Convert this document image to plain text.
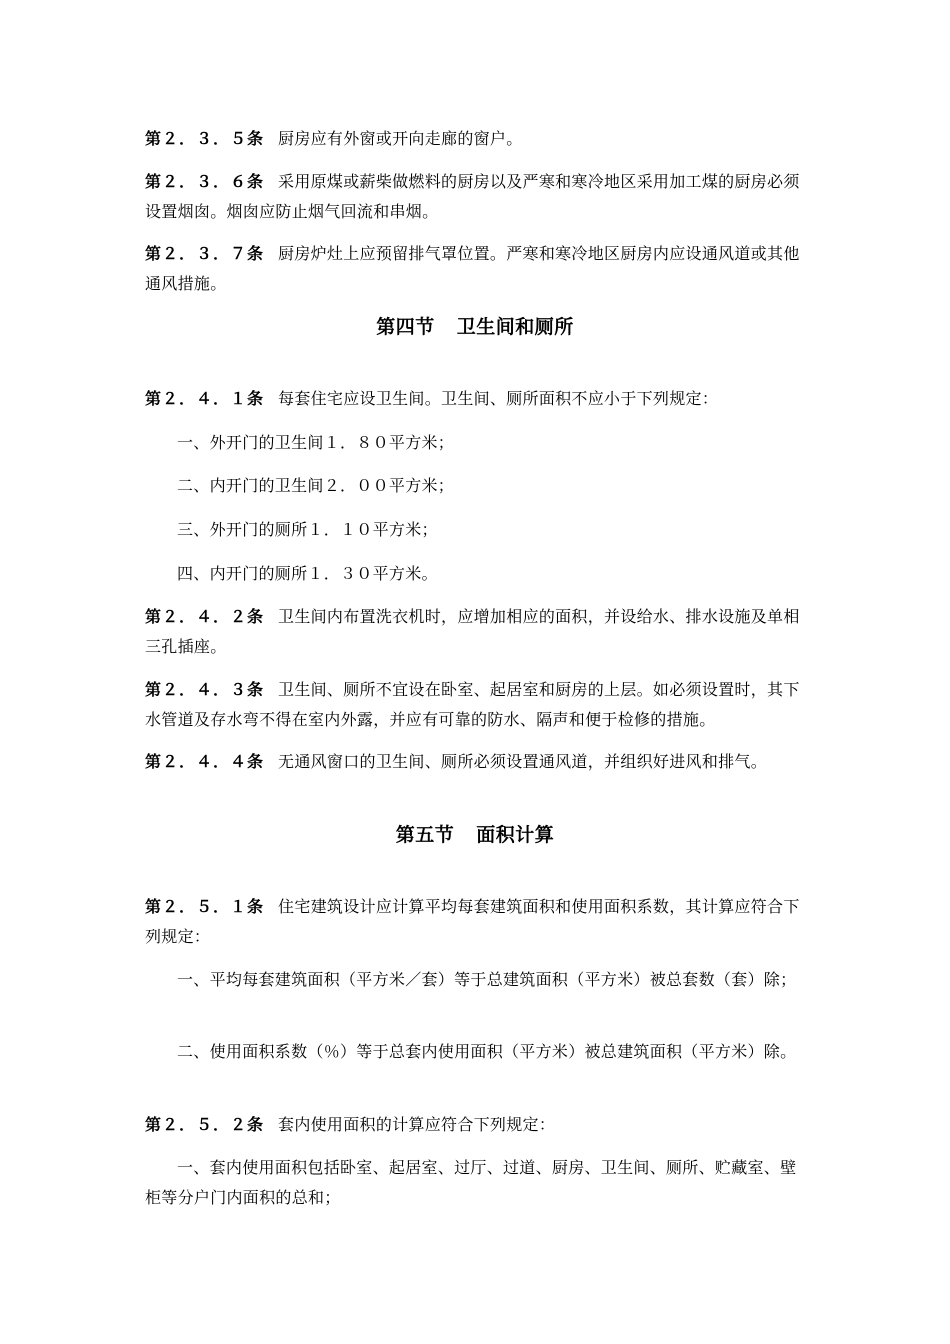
第２．３．５条 厨房应有外窗或开向走廊的窗户。

第２．３．６条 采用原煤或薪柴做燃料的厨房以及严寒和寒冷地区采用加工煤的厨房必须设置烟囱。烟囱应防止烟气回流和串烟。

第２．３．７条 厨房炉灶上应预留排气罩位置。严寒和寒冷地区厨房内应设通风道或其他通风措施。

第四节 卫生间和厕所

第２．４．１条 每套住宅应设卫生间。卫生间、厕所面积不应小于下列规定：

一、外开门的卫生间１．８０平方米；

二、内开门的卫生间２．００平方米；

三、外开门的厕所１．１０平方米；

四、内开门的厕所１．３０平方米。

第２．４．２条 卫生间内布置洗衣机时，应增加相应的面积，并设给水、排水设施及单相三孔插座。

第２．４．３条 卫生间、厕所不宜设在卧室、起居室和厨房的上层。如必须设置时，其下水管道及存水弯不得在室内外露，并应有可靠的防水、隔声和便于检修的措施。

第２．４．４条 无通风窗口的卫生间、厕所必须设置通风道，并组织好进风和排气。

第五节 面积计算

第２．５．１条 住宅建筑设计应计算平均每套建筑面积和使用面积系数，其计算应符合下列规定：

一、平均每套建筑面积（平方米／套）等于总建筑面积（平方米）被总套数（套）除；

二、使用面积系数（％）等于总套内使用面积（平方米）被总建筑面积（平方米）除。

第２．５．２条 套内使用面积的计算应符合下列规定：

一、套内使用面积包括卧室、起居室、过厅、过道、厨房、卫生间、厕所、贮藏室、壁柜等分户门内面积的总和；
